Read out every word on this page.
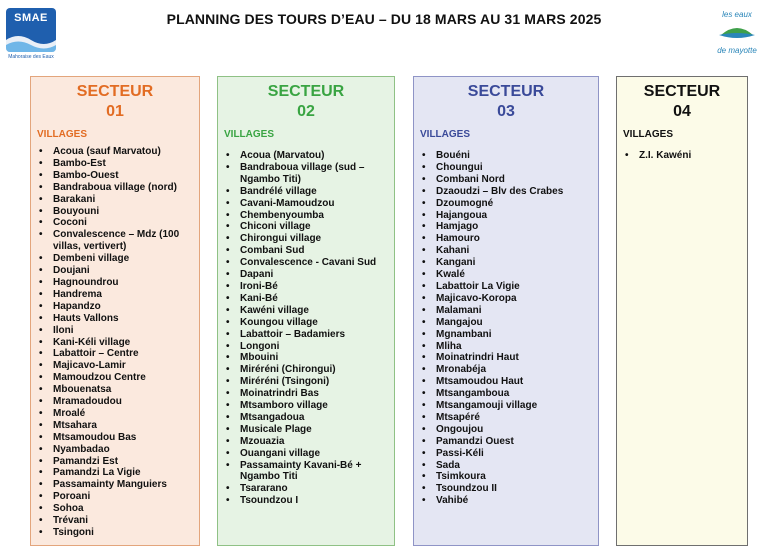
SMAE
Mahoraise des Eaux
PLANNING DES TOURS D’EAU – DU 18 MARS AU 31 MARS 2025	les eaux
de mayotte
SECTEUR
01
VILLAGES
• Acoua (sauf Marvatou)
• Bambo-Est
• Bambo-Ouest
• Bandraboua village (nord)
• Barakani
• Bouyouni
• Coconi
• Convalescence – Mdz (100 villas, vertivert)
• Dembeni village
• Doujani
• Hagnoundrou
• Handrema
• Hapandzo
• Hauts Vallons
• Iloni
• Kani-Kéli village
• Labattoir – Centre
• Majicavo-Lamir
• Mamoudzou Centre
• Mbouenatsa
• Mramadoudou
• Mroalé
• Mtsahara
• Mtsamoudou Bas
• Nyambadao
• Pamandzi Est
• Pamandzi La Vigie
• Passamainty Manguiers
• Poroani
• Sohoa
• Trévani
• Tsingoni
SECTEUR
02
VILLAGES
• Acoua (Marvatou)
• Bandraboua village (sud – Ngambo Titi)
• Bandrélé village
• Cavani-Mamoudzou
• Chembenyoumba
• Chiconi village
• Chirongui village
• Combani Sud
• Convalescence - Cavani Sud
• Dapani
• Ironi-Bé
• Kani-Bé
• Kawéni village
• Koungou village
• Labattoir – Badamiers
• Longoni
• Mbouini
• Miréréni (Chirongui)
• Miréréni (Tsingoni)
• Moinatrindri Bas
• Mtsamboro village
• Mtsangadoua
• Musicale Plage
• Mzouazia
• Ouangani village
• Passamainty Kavani-Bé + Ngambo Titi
• Tsararano
• Tsoundzou I
SECTEUR
03
VILLAGES
• Bouéni
• Choungui
• Combani Nord
• Dzaoudzi – Blv des Crabes
• Dzoumogné
• Hajangoua
• Hamjago
• Hamouro
• Kahani
• Kangani
• Kwalé
• Labattoir La Vigie
• Majicavo-Koropa
• Malamani
• Mangajou
• Mgnambani
• Mliha
• Moinatrindri Haut
• Mronabéja
• Mtsamoudou Haut
• Mtsangamboua
• Mtsangamouji village
• Mtsapéré
• Ongoujou
• Pamandzi Ouest
• Passi-Kéli
• Sada
• Tsimkoura
• Tsoundzou II
• Vahibé
SECTEUR
04
VILLAGES
• Z.I. Kawéni
